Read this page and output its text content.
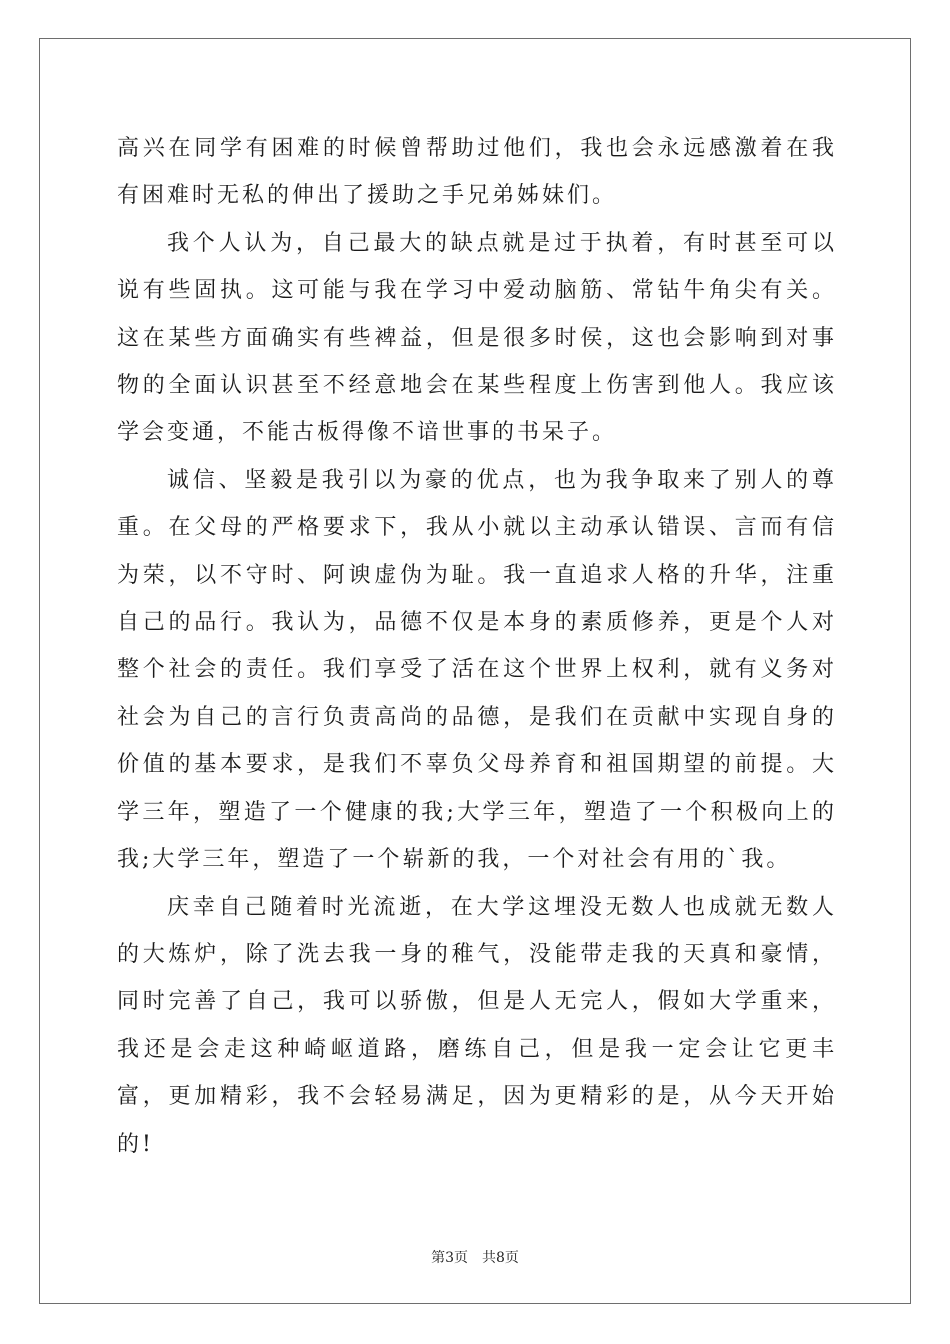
高兴在同学有困难的时候曾帮助过他们，我也会永远感激着在我有困难时无私的伸出了援助之手兄弟姊妹们。

我个人认为，自己最大的缺点就是过于执着，有时甚至可以说有些固执。这可能与我在学习中爱动脑筋、常钻牛角尖有关。这在某些方面确实有些裨益，但是很多时侯，这也会影响到对事物的全面认识甚至不经意地会在某些程度上伤害到他人。我应该学会变通，不能古板得像不谙世事的书呆子。

诚信、坚毅是我引以为豪的优点，也为我争取来了别人的尊重。在父母的严格要求下，我从小就以主动承认错误、言而有信为荣，以不守时、阿谀虚伪为耻。我一直追求人格的升华，注重自己的品行。我认为，品德不仅是本身的素质修养，更是个人对整个社会的责任。我们享受了活在这个世界上权利，就有义务对社会为自己的言行负责高尚的品德，是我们在贡献中实现自身的价值的基本要求，是我们不辜负父母养育和祖国期望的前提。大学三年，塑造了一个健康的我;大学三年，塑造了一个积极向上的我;大学三年，塑造了一个崭新的我，一个对社会有用的`我。

庆幸自己随着时光流逝，在大学这埋没无数人也成就无数人的大炼炉，除了洗去我一身的稚气，没能带走我的天真和豪情，同时完善了自己，我可以骄傲，但是人无完人，假如大学重来，我还是会走这种崎岖道路，磨练自己，但是我一定会让它更丰富，更加精彩，我不会轻易满足，因为更精彩的是，从今天开始的!

第3页 共8页
